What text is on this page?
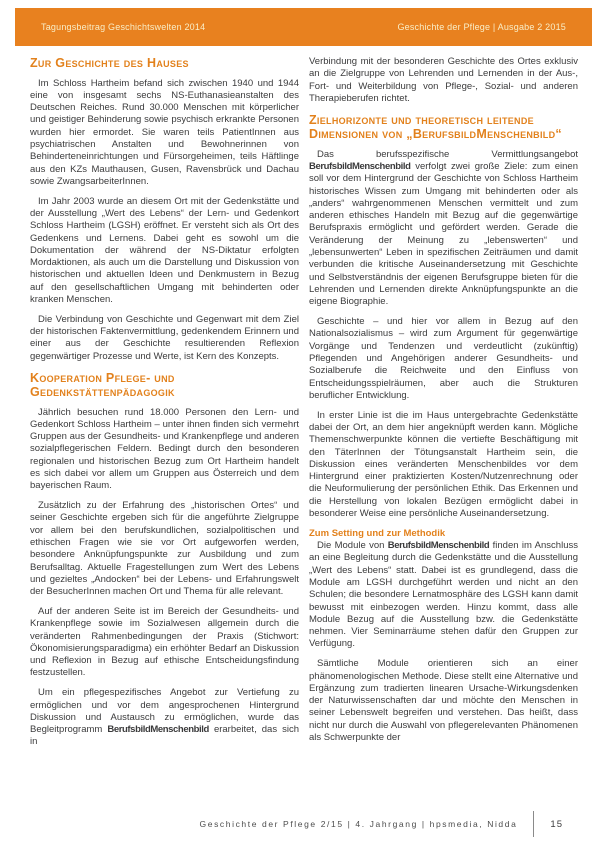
Tagungsbeitrag Geschichtswelten 2014	Geschichte der Pflege | Ausgabe 2 2015
Zur Geschichte des Hauses

Im Schloss Hartheim befand sich zwischen 1940 und 1944 eine von insgesamt sechs NS-Euthanasieanstalten des Deutschen Reiches. Rund 30.000 Menschen mit körperlicher und geistiger Behinderung sowie psychisch erkrankte Personen wurden hier ermordet. Sie waren teils PatientInnen aus psychiatrischen Anstalten und Bewohnerinnen von Behinderteneinrichtungen und Fürsorgeheimen, teils Häftlinge aus den KZs Mauthausen, Gusen, Ravensbrück und Dachau sowie ZwangsarbeiterInnen.

Im Jahr 2003 wurde an diesem Ort mit der Gedenkstätte und der Ausstellung „Wert des Lebens“ der Lern- und Gedenkort Schloss Hartheim (LGSH) eröffnet. Er versteht sich als Ort des Gedenkens und Lernens. Dabei geht es sowohl um die Dokumentation der während der NS-Diktatur erfolgten Mordaktionen, als auch um die Darstellung und Diskussion von historischen und aktuellen Ideen und Denkmustern in Bezug auf den gesellschaftlichen Umgang mit behinderten oder kranken Menschen.

Die Verbindung von Geschichte und Gegenwart mit dem Ziel der historischen Faktenvermittlung, gedenkendem Erinnern und einer aus der Geschichte resultierenden Reflexion gegenwärtiger Prozesse und Werte, ist Kern des Konzepts.

Kooperation Pflege- und Gedenkstättenpädagogik

Jährlich besuchen rund 18.000 Personen den Lern- und Gedenkort Schloss Hartheim – unter ihnen finden sich vermehrt Gruppen aus der Gesundheits- und Krankenpflege und anderen sozialpflegerischen Feldern. Bedingt durch den besonderen regionalen und historischen Bezug zum Ort Hartheim handelt es sich dabei vor allem um Gruppen aus Österreich und dem bayerischen Raum.

Zusätzlich zu der Erfahrung des „historischen Ortes“ und seiner Geschichte ergeben sich für die angeführte Zielgruppe vor allem bei den berufskundlichen, sozialpolitischen und ethischen Fragen wie sie vor Ort aufgeworfen werden, besondere Anknüpfungspunkte zur Ausbildung und zum Berufsalltag. Aktuelle Fragestellungen zum Wert des Lebens und gezieltes „Andocken“ bei der Lebens- und Erfahrungswelt der BesucherInnen machen Ort und Thema für alle relevant.

Auf der anderen Seite ist im Bereich der Gesundheits- und Krankenpflege sowie im Sozialwesen allgemein durch die veränderten Rahmenbedingungen der Praxis (Stichwort: Ökonomisierungsparadigma) ein erhöhter Bedarf an Diskussion und Reflexion in Bezug auf ethische Entscheidungsfindung festzustellen.

Um ein pflegespezifisches Angebot zur Vertiefung zu ermöglichen und vor dem angesprochenen Hintergrund Diskussion und Austausch zu ermöglichen, wurde das Begleitprogramm BerufsbildMenschenbild erarbeitet, das sich in

Verbindung mit der besonderen Geschichte des Ortes exklusiv an die Zielgruppe von Lehrenden und Lernenden in der Aus-, Fort- und Weiterbildung von Pflege-, Sozial- und anderen Therapieberufen richtet.

Zielhorizonte und theoretisch leitende Dimensionen von „BerufsbildMenschenbild“

Das berufsspezifische Vermittlungsangebot BerufsbildMenschenbild verfolgt zwei große Ziele: zum einen soll vor dem Hintergrund der Geschichte von Schloss Hartheim historisches Wissen zum Umgang mit behinderten oder als „anders“ wahrgenommenen Menschen vermittelt und zum anderen ethisches Handeln mit Bezug auf die gegenwärtige Berufspraxis ermöglicht und gefördert werden. Gerade die Veränderung der Meinung zu „lebenswerten“ und „lebensunwerten“ Leben in spezifischen Zeiträumen und damit verbunden die kritische Auseinandersetzung mit Geschichte und Selbstverständnis der eigenen Berufsgruppe bieten für die Lehrenden und Lernenden direkte Anknüpfungspunkte an die eigene Biographie.

Geschichte – und hier vor allem in Bezug auf den Nationalsozialismus – wird zum Argument für gegenwärtige Vorgänge und Tendenzen und verdeutlicht (zukünftig) Pflegenden und Angehörigen anderer Gesundheits- und Sozialberufe die Reichweite und den Einfluss von Entscheidungsspielräumen, aber auch die Strukturen beruflicher Entwicklung.

In erster Linie ist die im Haus untergebrachte Gedenkstätte dabei der Ort, an dem hier angeknüpft werden kann. Mögliche Themenschwerpunkte können die vertiefte Beschäftigung mit den TäterInnen der Tötungsanstalt Hartheim sein, die Diskussion eines veränderten Menschenbildes vor dem Hintergrund einer praktizierten Kosten/Nutzenrechnung oder die Neuformulierung der persönlichen Ethik. Das Erkennen und die Herstellung von lokalen Bezügen ermöglicht dabei in besonderer Weise eine persönliche Auseinandersetzung.

Zum Setting und zur Methodik

Die Module von BerufsbildMenschenbild finden im Anschluss an eine Begleitung durch die Gedenkstätte und die Ausstellung „Wert des Lebens“ statt. Dabei ist es grundlegend, dass die Module am LGSH durchgeführt werden und nicht an den Schulen; die besondere Lernatmosphäre des LGSH kann damit bewusst mit einbezogen werden. Hinzu kommt, dass alle Module Bezug auf die Ausstellung bzw. die Gedenkstätte nehmen. Vier Seminarräume stehen dafür den Gruppen zur Verfügung.

Sämtliche Module orientieren sich an einer phänomenologischen Methode. Diese stellt eine Alternative und Ergänzung zum tradierten linearen Ursache-Wirkungsdenken der Naturwissenschaften dar und möchte den Menschen in seiner Lebenswelt begreifen und verstehen. Das heißt, dass nicht nur durch die Auswahl von pflegerelevanten Phänomenen als Schwerpunkte der

Geschichte der Pflege 2/15 | 4. Jahrgang | hpsmedia, Nidda	15
